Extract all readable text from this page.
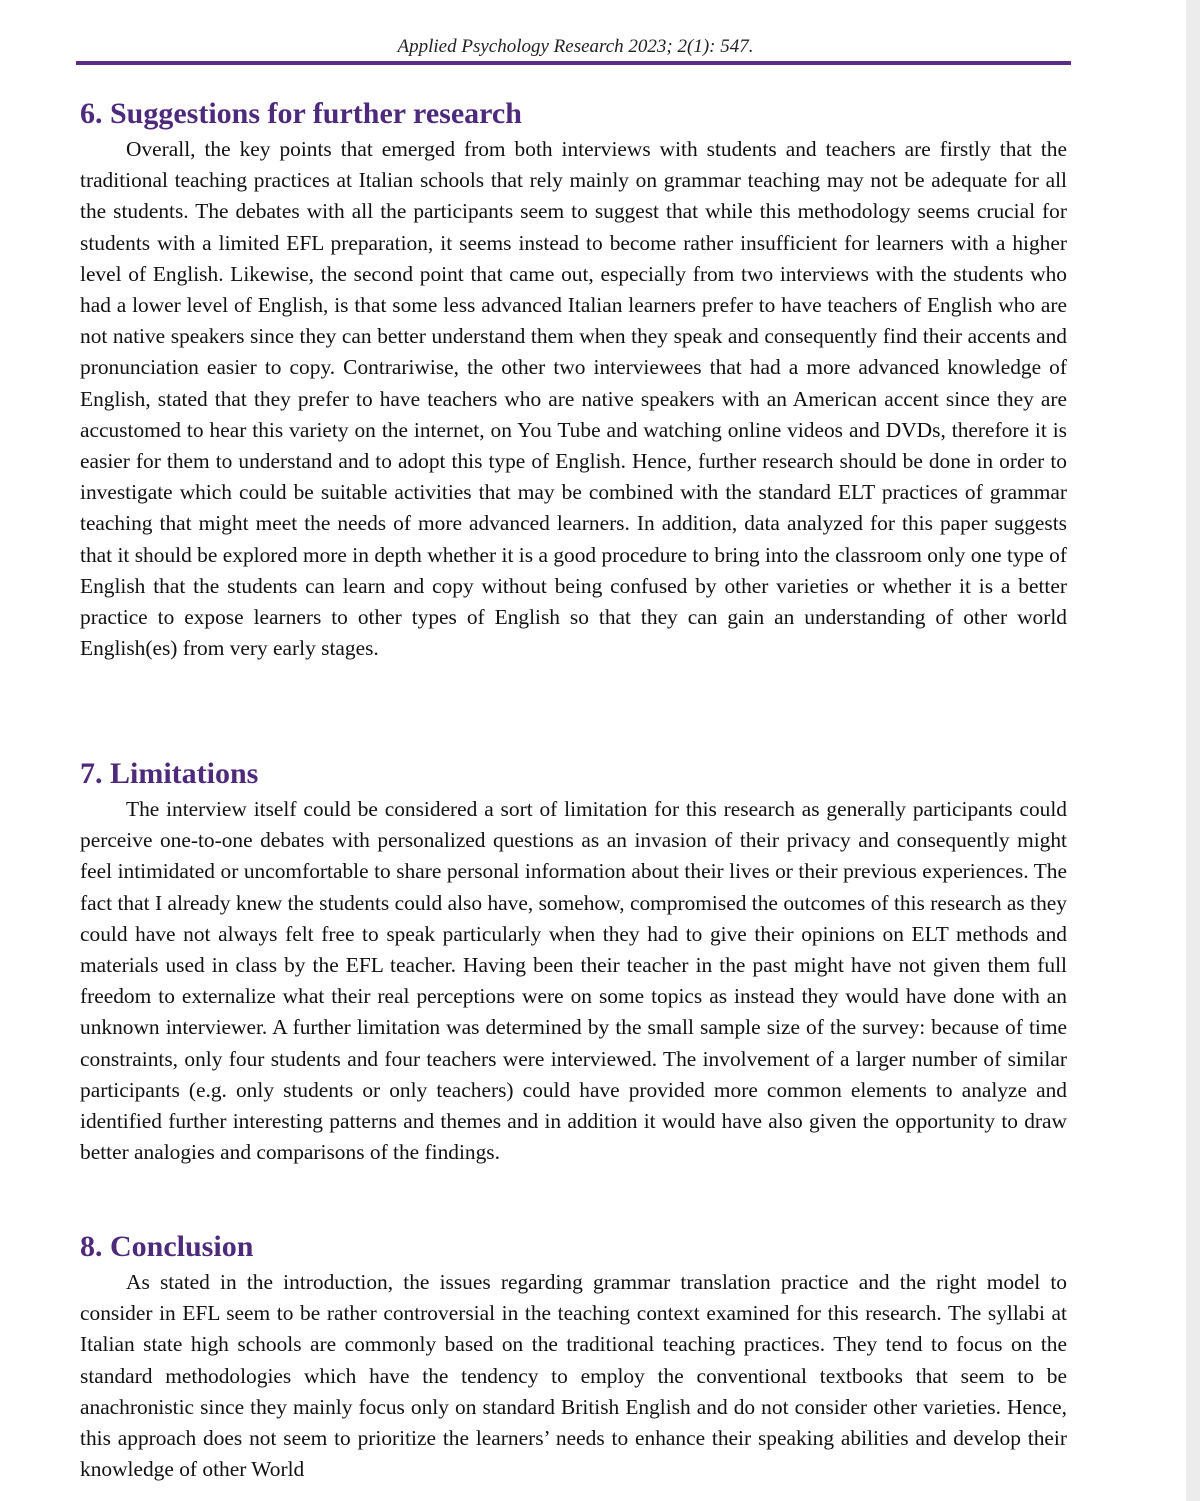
Applied Psychology Research 2023; 2(1): 547.
6. Suggestions for further research

Overall, the key points that emerged from both interviews with students and teachers are firstly that the traditional teaching practices at Italian schools that rely mainly on grammar teaching may not be adequate for all the students. The debates with all the participants seem to suggest that while this methodology seems crucial for students with a limited EFL preparation, it seems instead to become rather insufficient for learners with a higher level of English. Likewise, the second point that came out, especially from two interviews with the students who had a lower level of English, is that some less advanced Italian learners prefer to have teachers of English who are not native speakers since they can better understand them when they speak and consequently find their accents and pronunciation easier to copy. Contrariwise, the other two interviewees that had a more advanced knowledge of English, stated that they prefer to have teachers who are native speakers with an American accent since they are accustomed to hear this variety on the internet, on You Tube and watching online videos and DVDs, therefore it is easier for them to understand and to adopt this type of English. Hence, further research should be done in order to investigate which could be suitable activities that may be combined with the standard ELT practices of grammar teaching that might meet the needs of more advanced learners. In addition, data analyzed for this paper suggests that it should be explored more in depth whether it is a good procedure to bring into the classroom only one type of English that the students can learn and copy without being confused by other varieties or whether it is a better practice to expose learners to other types of English so that they can gain an understanding of other world English(es) from very early stages.

7. Limitations

The interview itself could be considered a sort of limitation for this research as generally participants could perceive one-to-one debates with personalized questions as an invasion of their privacy and consequently might feel intimidated or uncomfortable to share personal information about their lives or their previous experiences. The fact that I already knew the students could also have, somehow, compromised the outcomes of this research as they could have not always felt free to speak particularly when they had to give their opinions on ELT methods and materials used in class by the EFL teacher. Having been their teacher in the past might have not given them full freedom to externalize what their real perceptions were on some topics as instead they would have done with an unknown interviewer. A further limitation was determined by the small sample size of the survey: because of time constraints, only four students and four teachers were interviewed. The involvement of a larger number of similar participants (e.g. only students or only teachers) could have provided more common elements to analyze and identified further interesting patterns and themes and in addition it would have also given the opportunity to draw better analogies and comparisons of the findings.

8. Conclusion

As stated in the introduction, the issues regarding grammar translation practice and the right model to consider in EFL seem to be rather controversial in the teaching context examined for this research. The syllabi at Italian state high schools are commonly based on the traditional teaching practices. They tend to focus on the standard methodologies which have the tendency to employ the conventional textbooks that seem to be anachronistic since they mainly focus only on standard British English and do not consider other varieties. Hence, this approach does not seem to prioritize the learners’ needs to enhance their speaking abilities and develop their knowledge of other World
